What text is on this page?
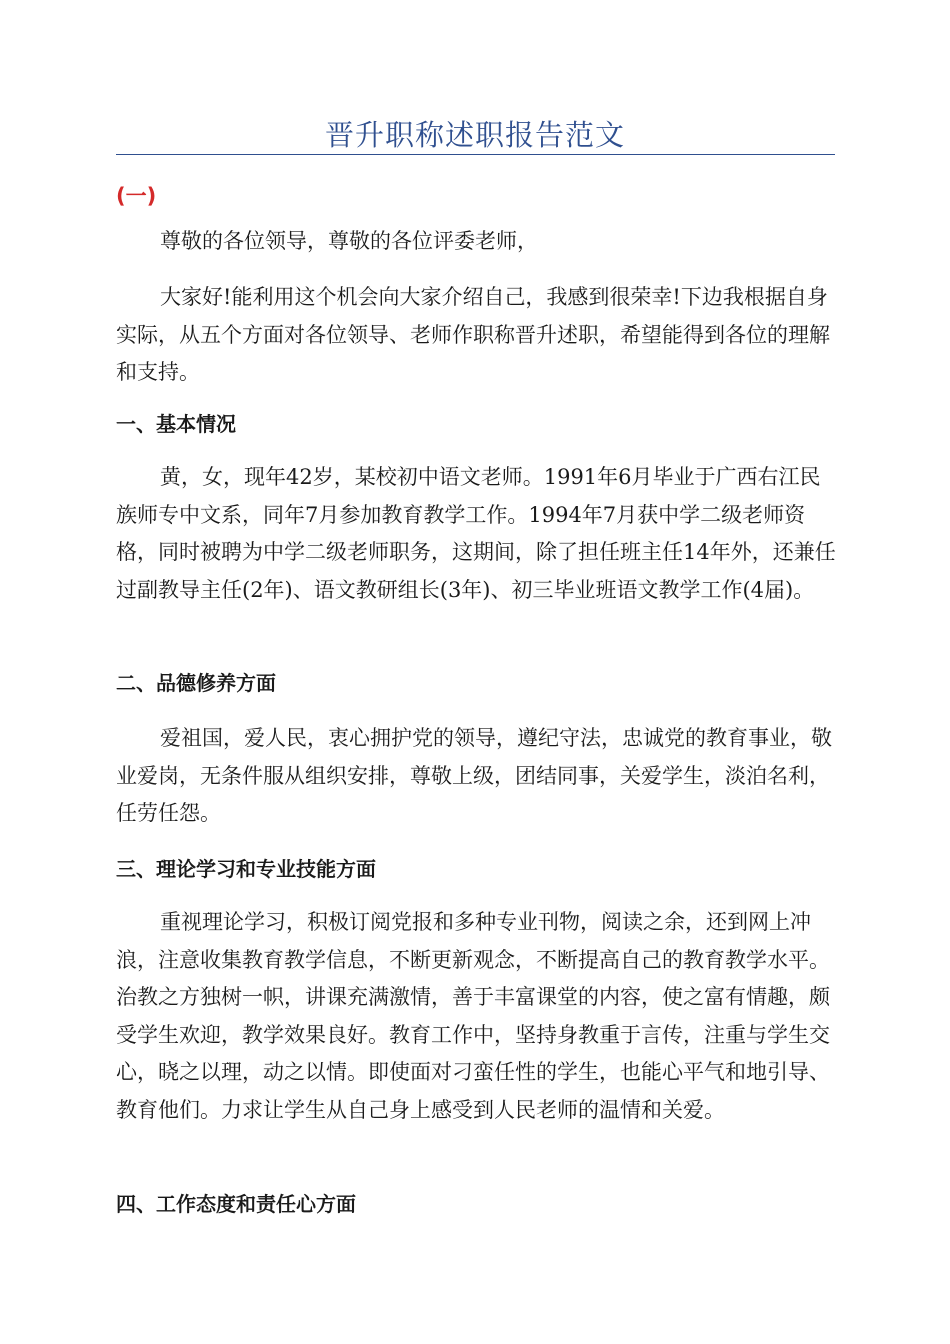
晋升职称述职报告范文
(一)

尊敬的各位领导，尊敬的各位评委老师，

大家好!能利用这个机会向大家介绍自己，我感到很荣幸!下边我根据自身实际，从五个方面对各位领导、老师作职称晋升述职，希望能得到各位的理解和支持。

一、基本情况

黄，女，现年42岁，某校初中语文老师。1991年6月毕业于广西右江民族师专中文系，同年7月参加教育教学工作。1994年7月获中学二级老师资格，同时被聘为中学二级老师职务，这期间，除了担任班主任14年外，还兼任过副教导主任(2年)、语文教研组长(3年)、初三毕业班语文教学工作(4届)。

二、品德修养方面

爱祖国，爱人民，衷心拥护党的领导，遵纪守法，忠诚党的教育事业，敬业爱岗，无条件服从组织安排，尊敬上级，团结同事，关爱学生，淡泊名利，任劳任怨。

三、理论学习和专业技能方面

重视理论学习，积极订阅党报和多种专业刊物，阅读之余，还到网上冲浪，注意收集教育教学信息，不断更新观念，不断提高自己的教育教学水平。治教之方独树一帜，讲课充满激情，善于丰富课堂的内容，使之富有情趣，颇受学生欢迎，教学效果良好。教育工作中，坚持身教重于言传，注重与学生交心，晓之以理，动之以情。即使面对刁蛮任性的学生，也能心平气和地引导、教育他们。力求让学生从自己身上感受到人民老师的温情和关爱。

四、工作态度和责任心方面
